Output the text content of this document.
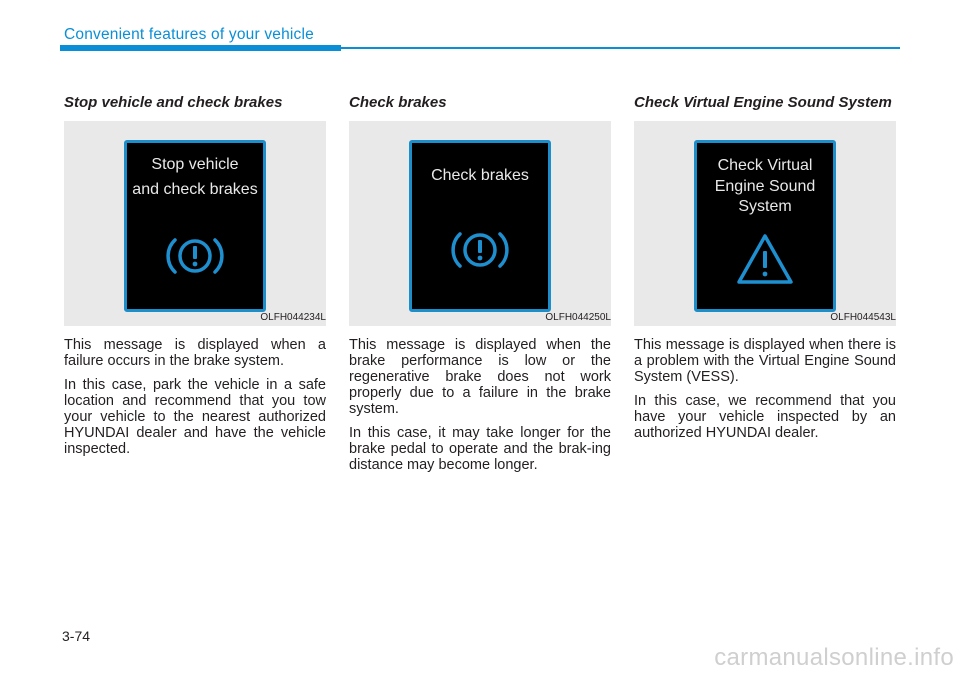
Convenient features of your vehicle
Stop vehicle and check brakes
Stop vehicle
and check brakes
OLFH044234L

This message is displayed when a failure occurs in the brake system.

In this case, park the vehicle in a safe location and recommend that you tow your vehicle to the nearest authorized HYUNDAI dealer and have the vehicle inspected.

Check brakes
Check brakes
OLFH044250L

This message is displayed when the brake performance is low or the regenerative brake does not work properly due to a failure in the brake system.

In this case, it may take longer for the brake pedal to operate and the brak-ing distance may become longer.

Check Virtual Engine Sound System
Check Virtual
Engine Sound
System
OLFH044543L

This message is displayed when there is a problem with the Virtual Engine Sound System (VESS).

In this case, we recommend that you have your vehicle inspected by an authorized HYUNDAI dealer.

3-74
carmanualsonline.info
